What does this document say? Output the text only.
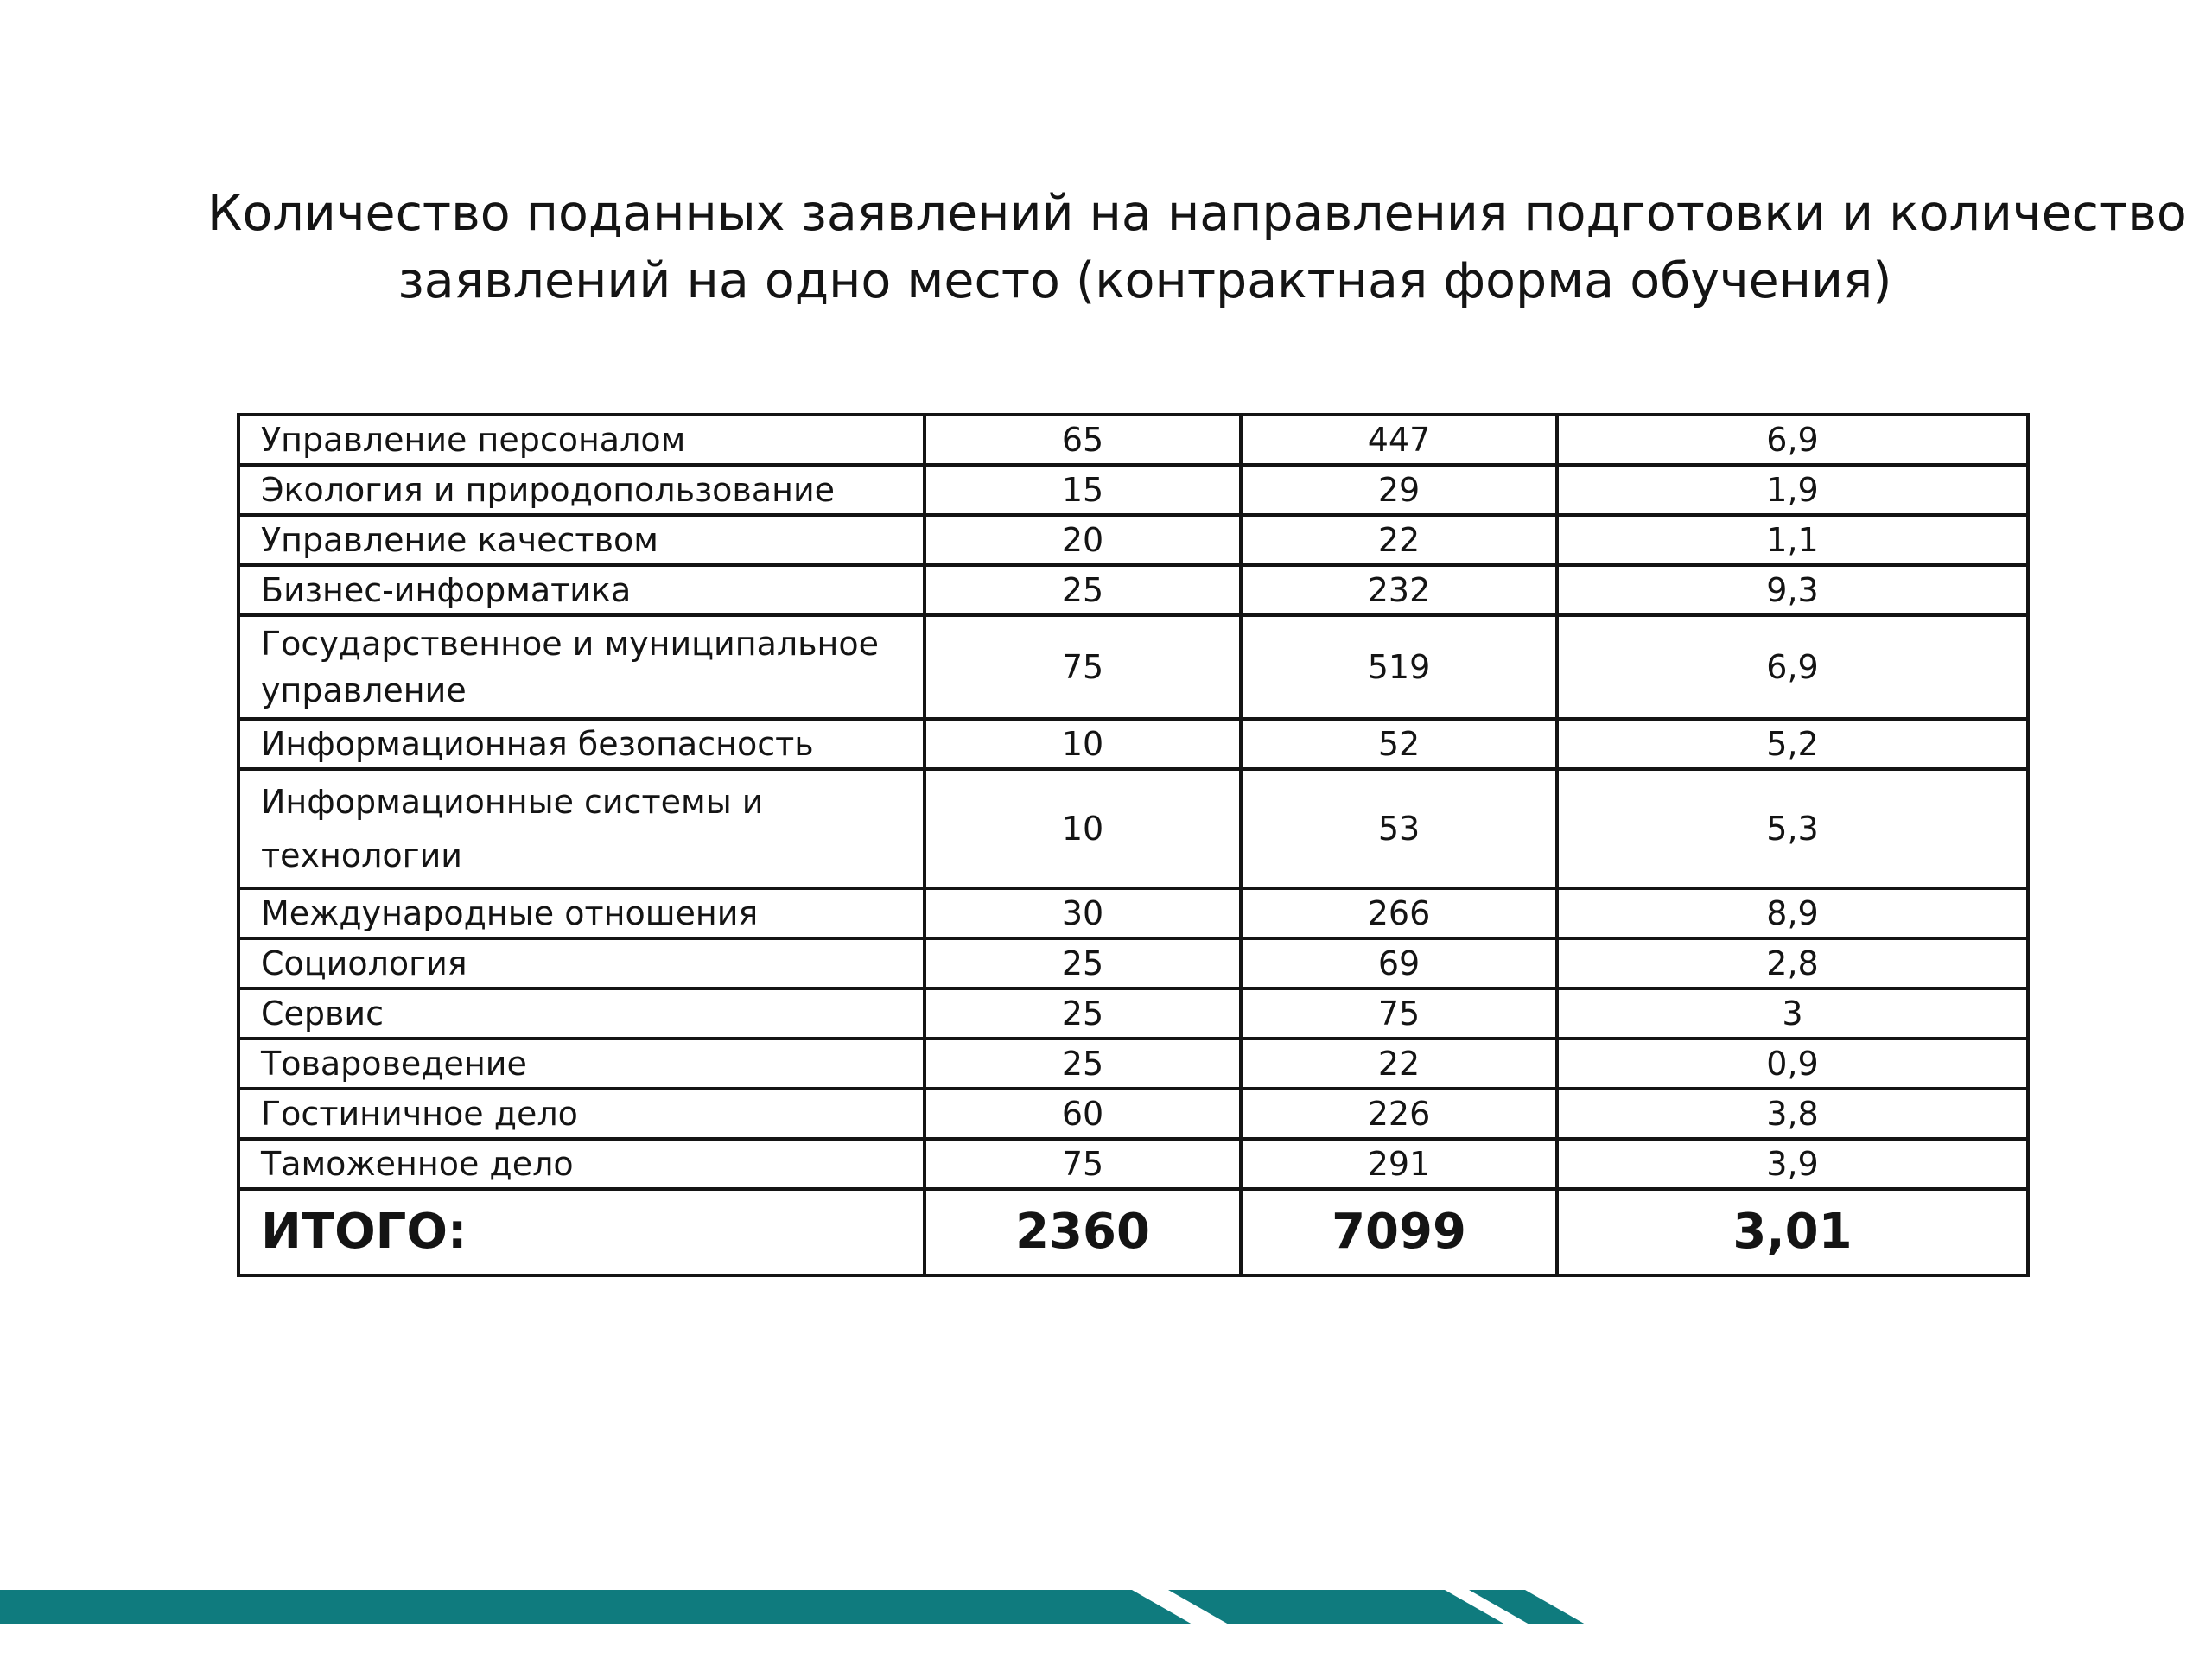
Количество поданных заявлений на направления подготовки и количество
заявлений на одно место (контрактная форма обучения)
Управление персоналом	65	447	6,9
Экология и природопользование	15	29	1,9
Управление качеством	20	22	1,1
Бизнес-информатика	25	232	9,3
Государственное и муниципальное
управление	75	519	6,9
Информационная безопасность	10	52	5,2
Информационные системы и
технологии	10	53	5,3
Международные отношения	30	266	8,9
Социология	25	69	2,8
Сервис	25	75	3
Товароведение	25	22	0,9
Гостиничное дело	60	226	3,8
Таможенное дело	75	291	3,9
ИТОГО:	2360	7099	3,01
